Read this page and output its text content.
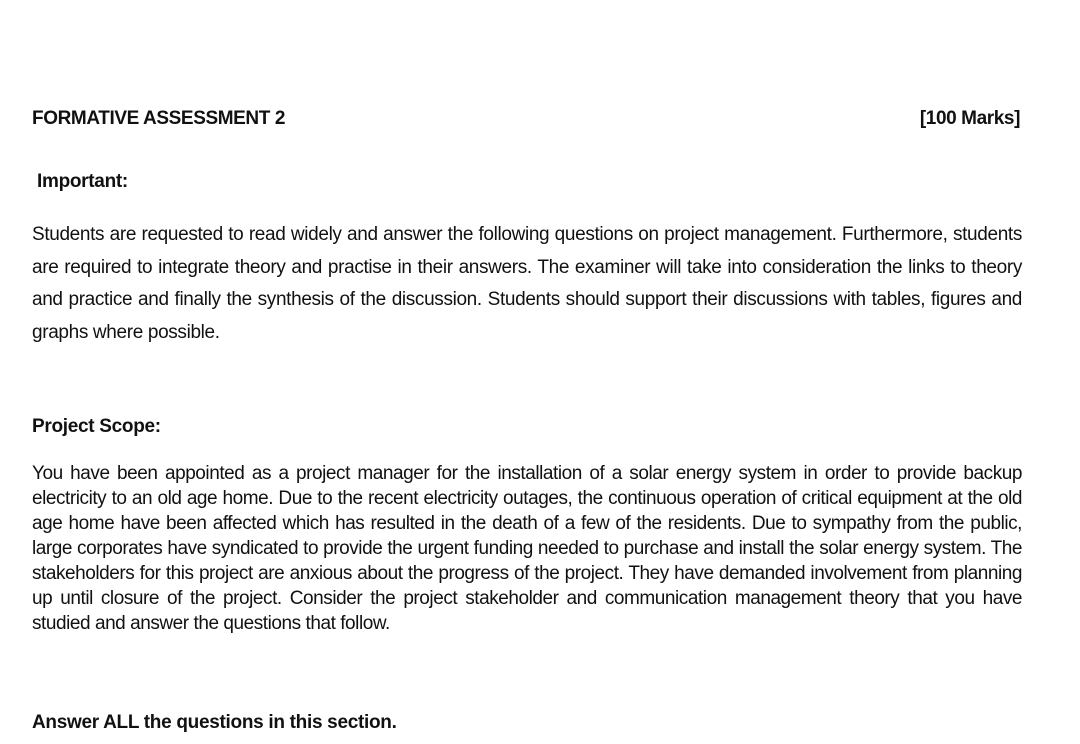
FORMATIVE ASSESSMENT 2	[100 Marks]
Important:

Students are requested to read widely and answer the following questions on project management. Furthermore, students are required to integrate theory and practise in their answers. The examiner will take into consideration the links to theory and practice and finally the synthesis of the discussion. Students should support their discussions with tables, figures and graphs where possible.

Project Scope:

You have been appointed as a project manager for the installation of a solar energy system in order to provide backup electricity to an old age home. Due to the recent electricity outages, the continuous operation of critical equipment at the old age home have been affected which has resulted in the death of a few of the residents. Due to sympathy from the public, large corporates have syndicated to provide the urgent funding needed to purchase and install the solar energy system. The stakeholders for this project are anxious about the progress of the project. They have demanded involvement from planning up until closure of the project. Consider the project stakeholder and communication management theory that you have studied and answer the questions that follow.

Answer ALL the questions in this section.
